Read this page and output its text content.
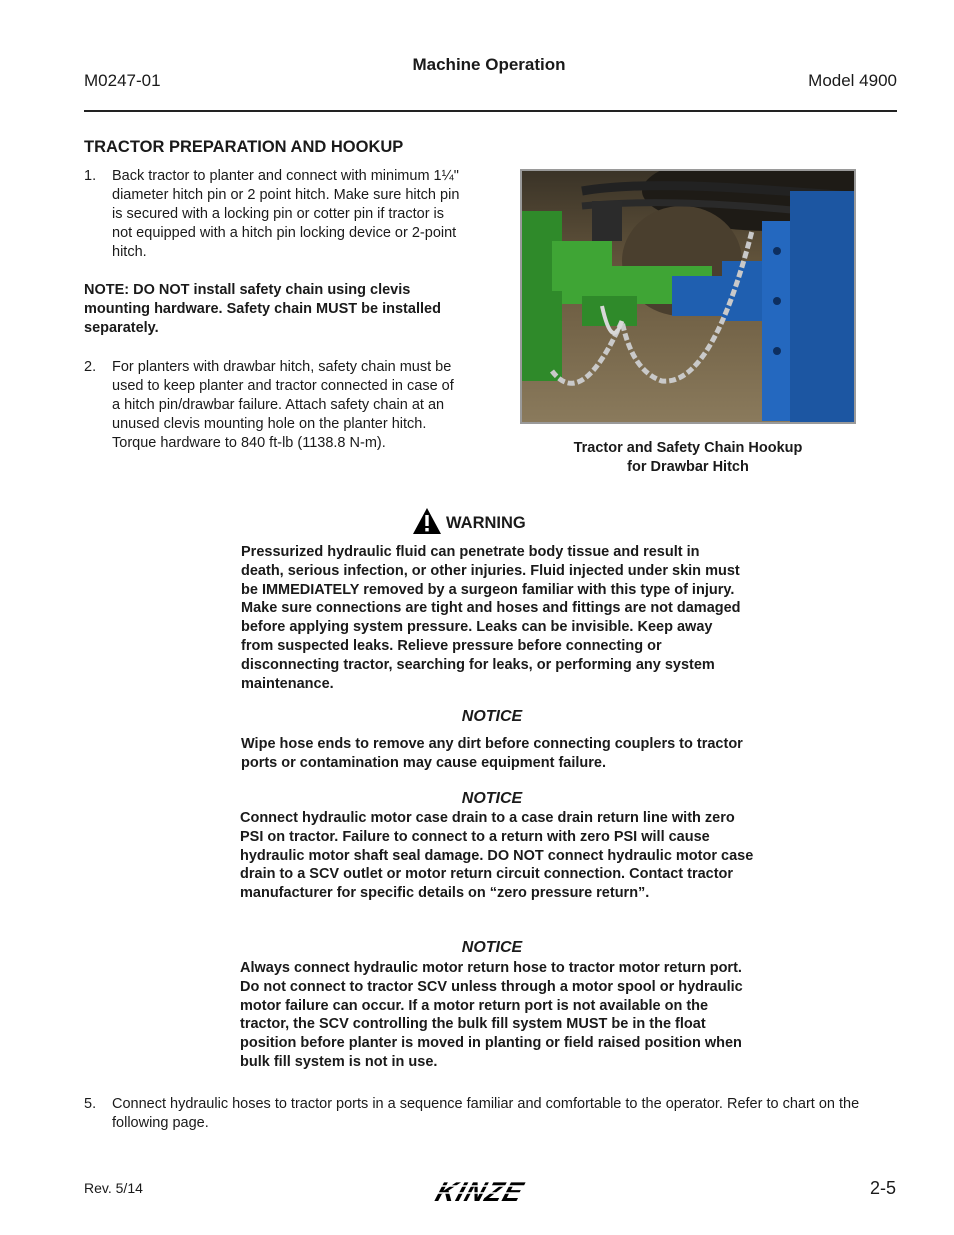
M0247-01
Machine Operation
Model 4900
TRACTOR PREPARATION AND HOOKUP
1. Back tractor to planter and connect with minimum 1¼" diameter hitch pin or 2 point hitch. Make sure hitch pin is secured with a locking pin or cotter pin if tractor is not equipped with a hitch pin locking device or 2-point hitch.
NOTE: DO NOT install safety chain using clevis mounting hardware. Safety chain MUST be installed separately.
2. For planters with drawbar hitch, safety chain must be used to keep planter and tractor connected in case of a hitch pin/drawbar failure. Attach safety chain at an unused clevis mounting hole on the planter hitch. Torque hardware to 840 ft-lb (1138.8 N-m).	Tractor and Safety Chain Hookup
for Drawbar Hitch
WARNING
Pressurized hydraulic fluid can penetrate body tissue and result in death, serious infection, or other injuries. Fluid injected under skin must be IMMEDIATELY removed by a surgeon familiar with this type of injury. Make sure connections are tight and hoses and fittings are not damaged before applying system pressure. Leaks can be invisible. Keep away from suspected leaks. Relieve pressure before connecting or disconnecting tractor, searching for leaks, or performing any system maintenance.
NOTICE
Wipe hose ends to remove any dirt before connecting couplers to tractor ports or contamination may cause equipment failure.
NOTICE
Connect hydraulic motor case drain to a case drain return line with zero PSI on tractor. Failure to connect to a return with zero PSI will cause hydraulic motor shaft seal damage. DO NOT connect hydraulic motor case drain to a SCV outlet or motor return circuit connection. Contact tractor manufacturer for specific details on “zero pressure return”.
NOTICE
Always connect hydraulic motor return hose to tractor motor return port. Do not connect to tractor SCV unless through a motor spool or hydraulic motor failure can occur. If a motor return port is not available on the tractor, the SCV controlling the bulk fill system MUST be in the float position before planter is moved in planting or field raised position when bulk fill system is not in use.
5. Connect hydraulic hoses to tractor ports in a sequence familiar and comfortable to the operator. Refer to chart on the following page.
Rev. 5/14	KINZE	2-5
